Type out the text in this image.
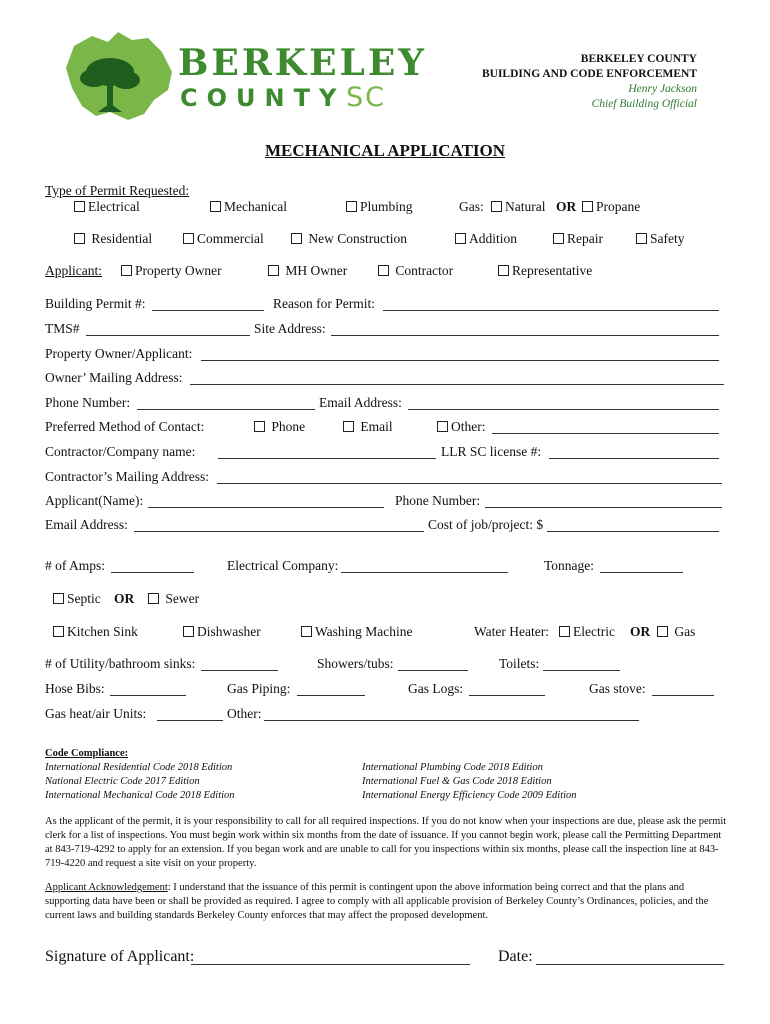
BERKELEY
COUNTY SC
BERKELEY COUNTY
BUILDING AND CODE ENFORCEMENT
Henry Jackson
Chief Building Official
MECHANICAL APPLICATION
Type of Permit Requested:
Electrical	Mechanical	Plumbing	Gas:	Natural OR	Propane
Residential	Commercial	New Construction	Addition	Repair	Safety
Applicant:	Property Owner	MH Owner	Contractor	Representative
Building Permit #:	Reason for Permit:
TMS#	Site Address:
Property Owner/Applicant:
Owner’ Mailing Address:
Phone Number:	Email Address:
Preferred Method of Contact:	Phone	Email	Other:
Contractor/Company name:	LLR SC license #:
Contractor’s Mailing Address:
Applicant(Name):	Phone Number:
Email Address:	Cost of job/project: $
# of Amps:	Electrical Company:	Tonnage:
Septic OR	Sewer
Kitchen Sink	Dishwasher	Washing Machine	Water Heater:	Electric OR	Gas
# of Utility/bathroom sinks:	Showers/tubs:	Toilets:
Hose Bibs:	Gas Piping:	Gas Logs:	Gas stove:
Gas heat/air Units:	Other:
Code Compliance:
International Residential Code 2018 Edition
National Electric Code 2017 Edition
International Mechanical Code 2018 Edition
International Plumbing Code 2018 Edition
International Fuel & Gas Code 2018 Edition
International Energy Efficiency Code 2009 Edition
As the applicant of the permit, it is your responsibility to call for all required inspections. If you do not know when your inspections are due, please ask the permit clerk for a list of inspections. You must begin work within six months from the date of issuance. If you cannot begin work, please call the Permitting Department at 843-719-4292 to apply for an extension. If you began work and are unable to call for you inspections within six months, please call the inspection line at 843-719-4220 and request a site visit on your property.
Applicant Acknowledgement: I understand that the issuance of this permit is contingent upon the above information being correct and that the plans and supporting data have been or shall be provided as required. I agree to comply with all applicable provision of Berkeley County’s Ordinances, policies, and the current laws and building standards Berkeley County enforces that may affect the proposed development.
Signature of Applicant:	Date:
